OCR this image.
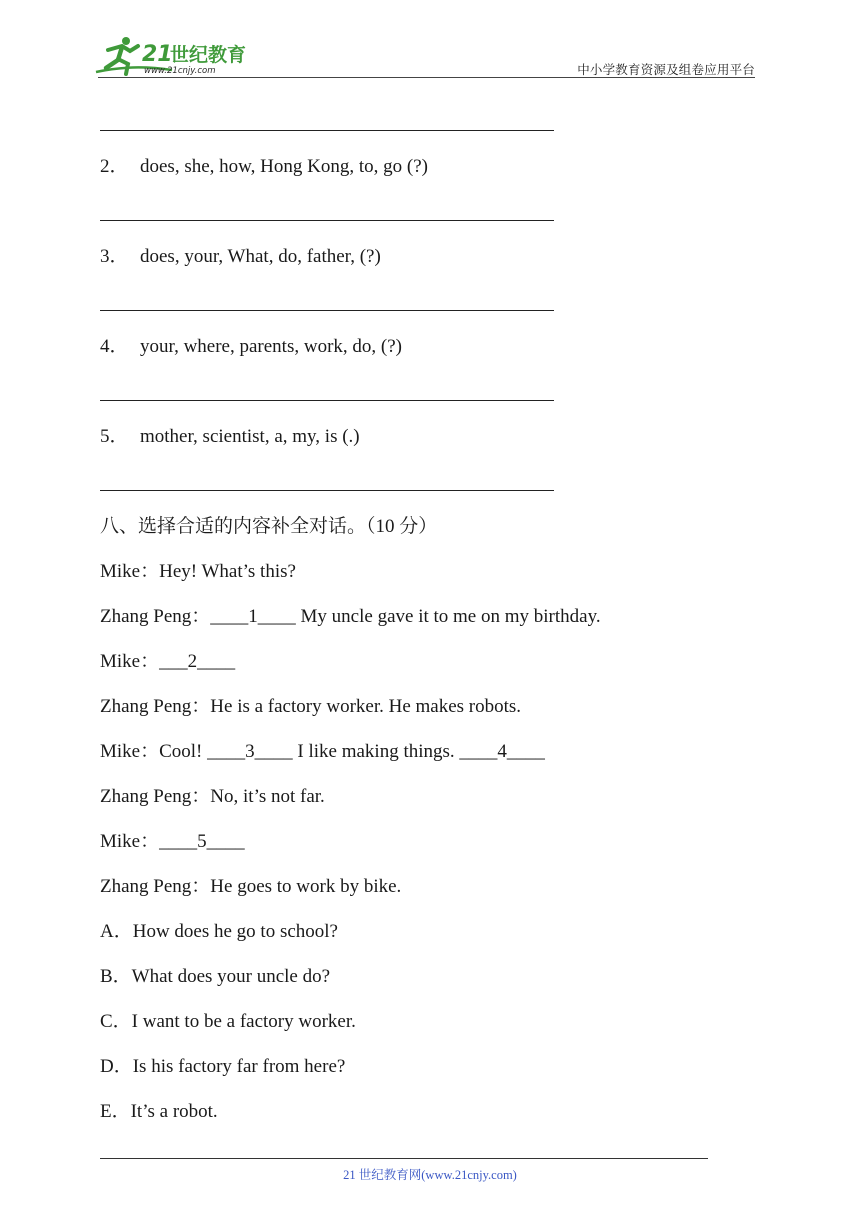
21
世纪教育
www.21cnjy.com	中小学教育资源及组卷应用平台
2． does, she, how, Hong Kong, to, go (?)
3． does, your, What, do, father, (?)
4． your, where, parents, work, do, (?)
5． mother, scientist, a, my, is (.)
八、选择合适的内容补全对话。（10 分）
Mike：Hey! What’s this?
Zhang Peng：____1____ My uncle gave it to me on my birthday.
Mike：___2____
Zhang Peng：He is a factory worker. He makes robots.
Mike：Cool! ____3____ I like making things. ____4____
Zhang Peng：No, it’s not far.
Mike：____5____
Zhang Peng：He goes to work by bike.
A．How does he go to school?
B．What does your uncle do?
C．I want to be a factory worker.
D．Is his factory far from here?
E．It’s a robot.
21 世纪教育网(www.21cnjy.com)
